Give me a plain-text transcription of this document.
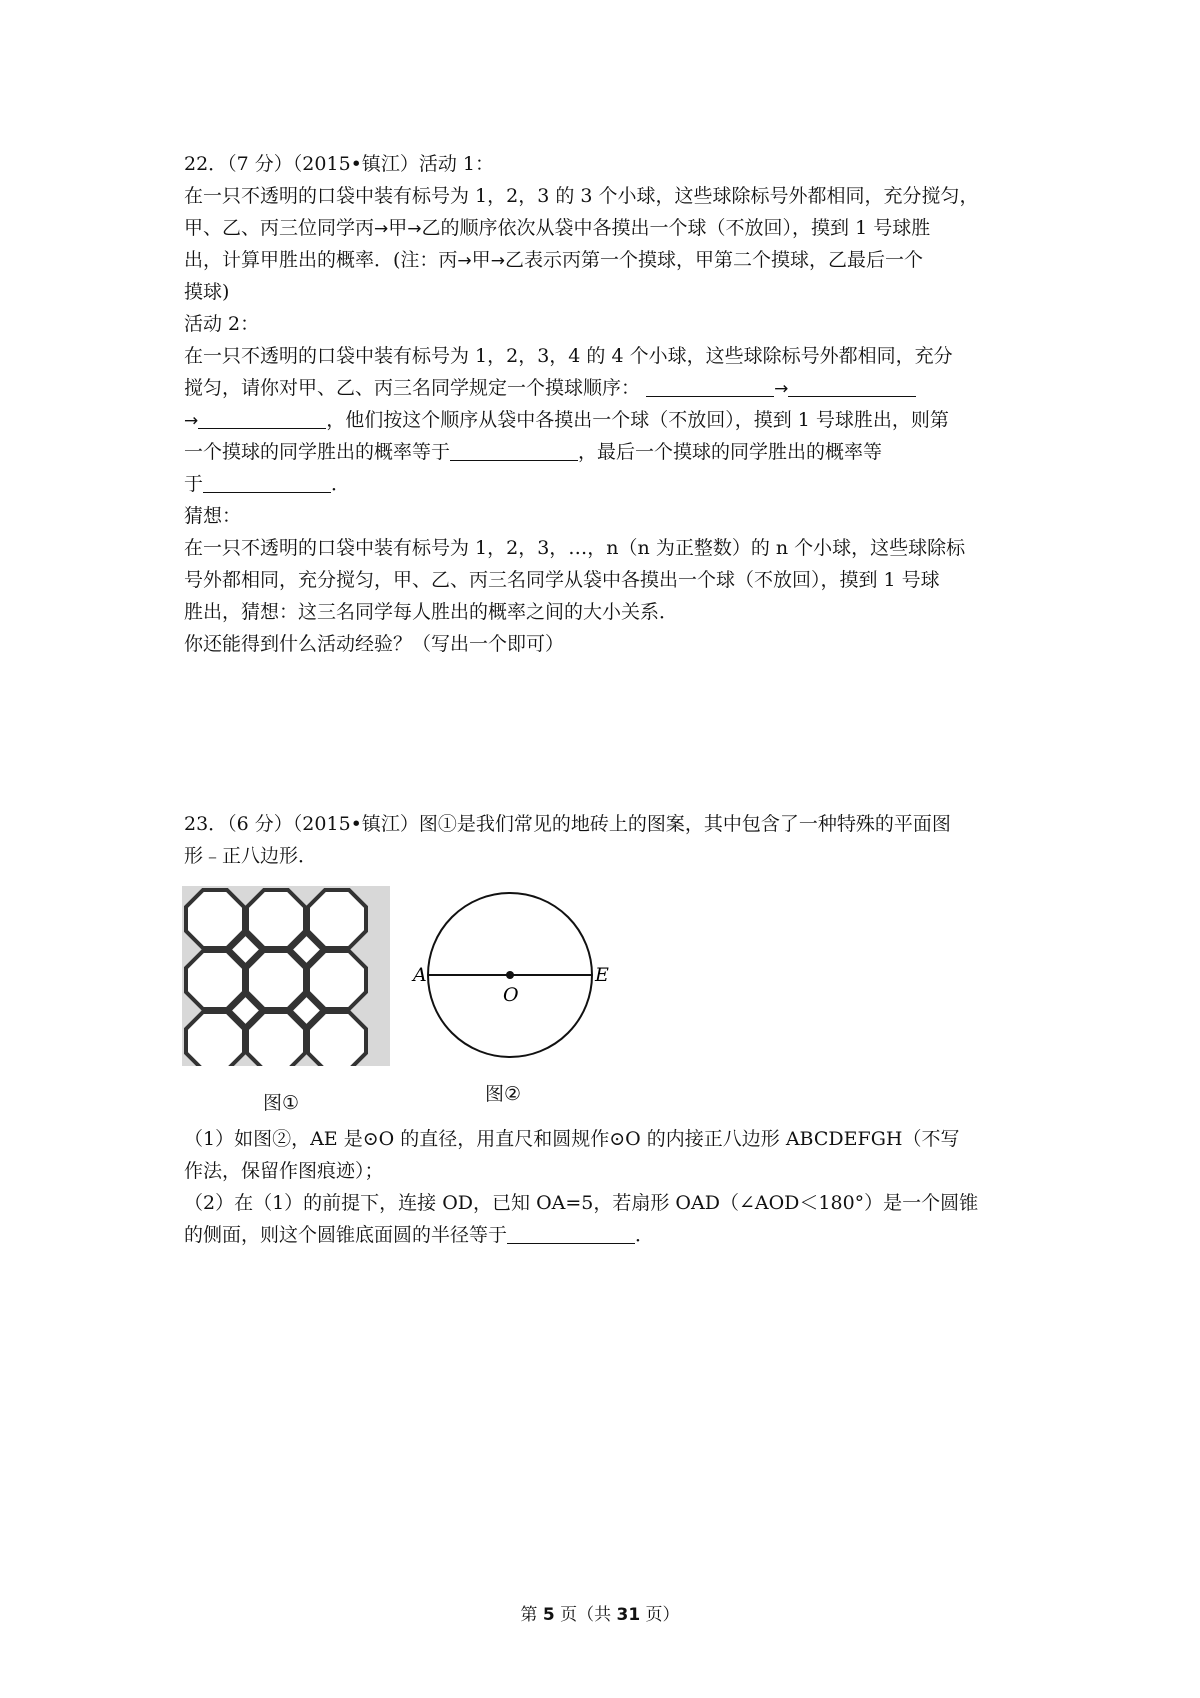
22．（7 分）（2015•镇江）活动 1：
在一只不透明的口袋中装有标号为 1，2，3 的 3 个小球，这些球除标号外都相同，充分搅匀，
甲、乙、丙三位同学丙→甲→乙的顺序依次从袋中各摸出一个球（不放回），摸到 1 号球胜
出，计算甲胜出的概率．(注：丙→甲→乙表示丙第一个摸球，甲第二个摸球，乙最后一个
摸球)
活动 2：
在一只不透明的口袋中装有标号为 1，2，3，4 的 4 个小球，这些球除标号外都相同，充分
搅匀，请你对甲、乙、丙三名同学规定一个摸球顺序：	→
→	，他们按这个顺序从袋中各摸出一个球（不放回），摸到 1 号球胜出，则第
一个摸球的同学胜出的概率等于	，最后一个摸球的同学胜出的概率等
于	．
猜想：
在一只不透明的口袋中装有标号为 1，2，3，…，n（n 为正整数）的 n 个小球，这些球除标
号外都相同，充分搅匀，甲、乙、丙三名同学从袋中各摸出一个球（不放回），摸到 1 号球
胜出，猜想：这三名同学每人胜出的概率之间的大小关系．
你还能得到什么活动经验？（写出一个即可）
23．（6 分）（2015•镇江）图①是我们常见的地砖上的图案，其中包含了一种特殊的平面图
形﹣正八边形．
图①
A
O
E
图②
（1）如图②，AE 是⊙O 的直径，用直尺和圆规作⊙O 的内接正八边形 ABCDEFGH（不写
作法，保留作图痕迹）；
（2）在（1）的前提下，连接 OD，已知 OA=5，若扇形 OAD（∠AOD＜180°）是一个圆锥
的侧面，则这个圆锥底面圆的半径等于	．
第 5 页（共 31 页）
